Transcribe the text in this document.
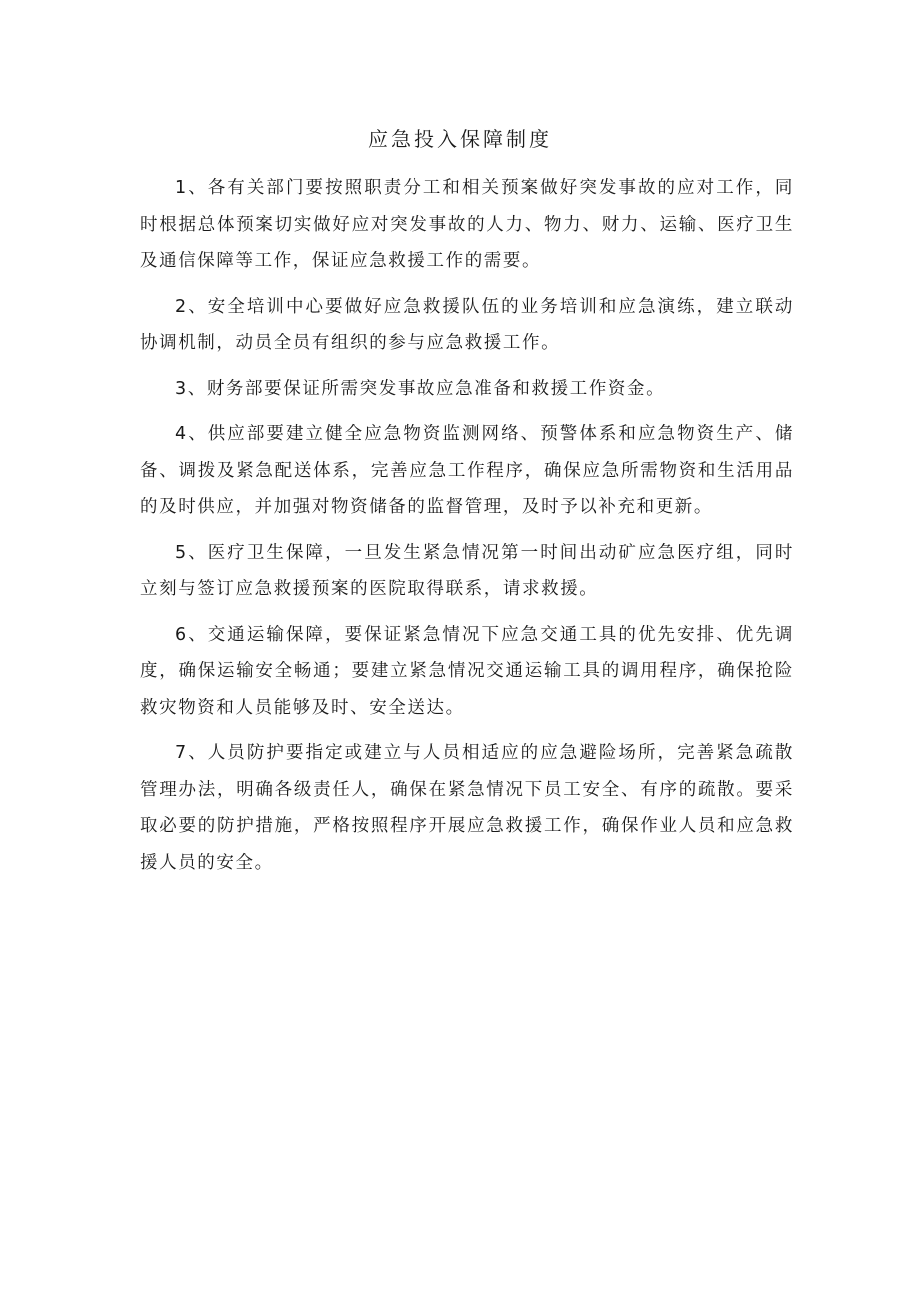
应急投入保障制度

1、各有关部门要按照职责分工和相关预案做好突发事故的应对工作，同时根据总体预案切实做好应对突发事故的人力、物力、财力、运输、医疗卫生及通信保障等工作，保证应急救援工作的需要。

2、安全培训中心要做好应急救援队伍的业务培训和应急演练，建立联动协调机制，动员全员有组织的参与应急救援工作。

3、财务部要保证所需突发事故应急准备和救援工作资金。

4、供应部要建立健全应急物资监测网络、预警体系和应急物资生产、储备、调拨及紧急配送体系，完善应急工作程序，确保应急所需物资和生活用品的及时供应，并加强对物资储备的监督管理，及时予以补充和更新。

5、医疗卫生保障，一旦发生紧急情况第一时间出动矿应急医疗组，同时立刻与签订应急救援预案的医院取得联系，请求救援。

6、交通运输保障，要保证紧急情况下应急交通工具的优先安排、优先调度，确保运输安全畅通；要建立紧急情况交通运输工具的调用程序，确保抢险救灾物资和人员能够及时、安全送达。

7、人员防护要指定或建立与人员相适应的应急避险场所，完善紧急疏散管理办法，明确各级责任人，确保在紧急情况下员工安全、有序的疏散。要采取必要的防护措施，严格按照程序开展应急救援工作，确保作业人员和应急救援人员的安全。
